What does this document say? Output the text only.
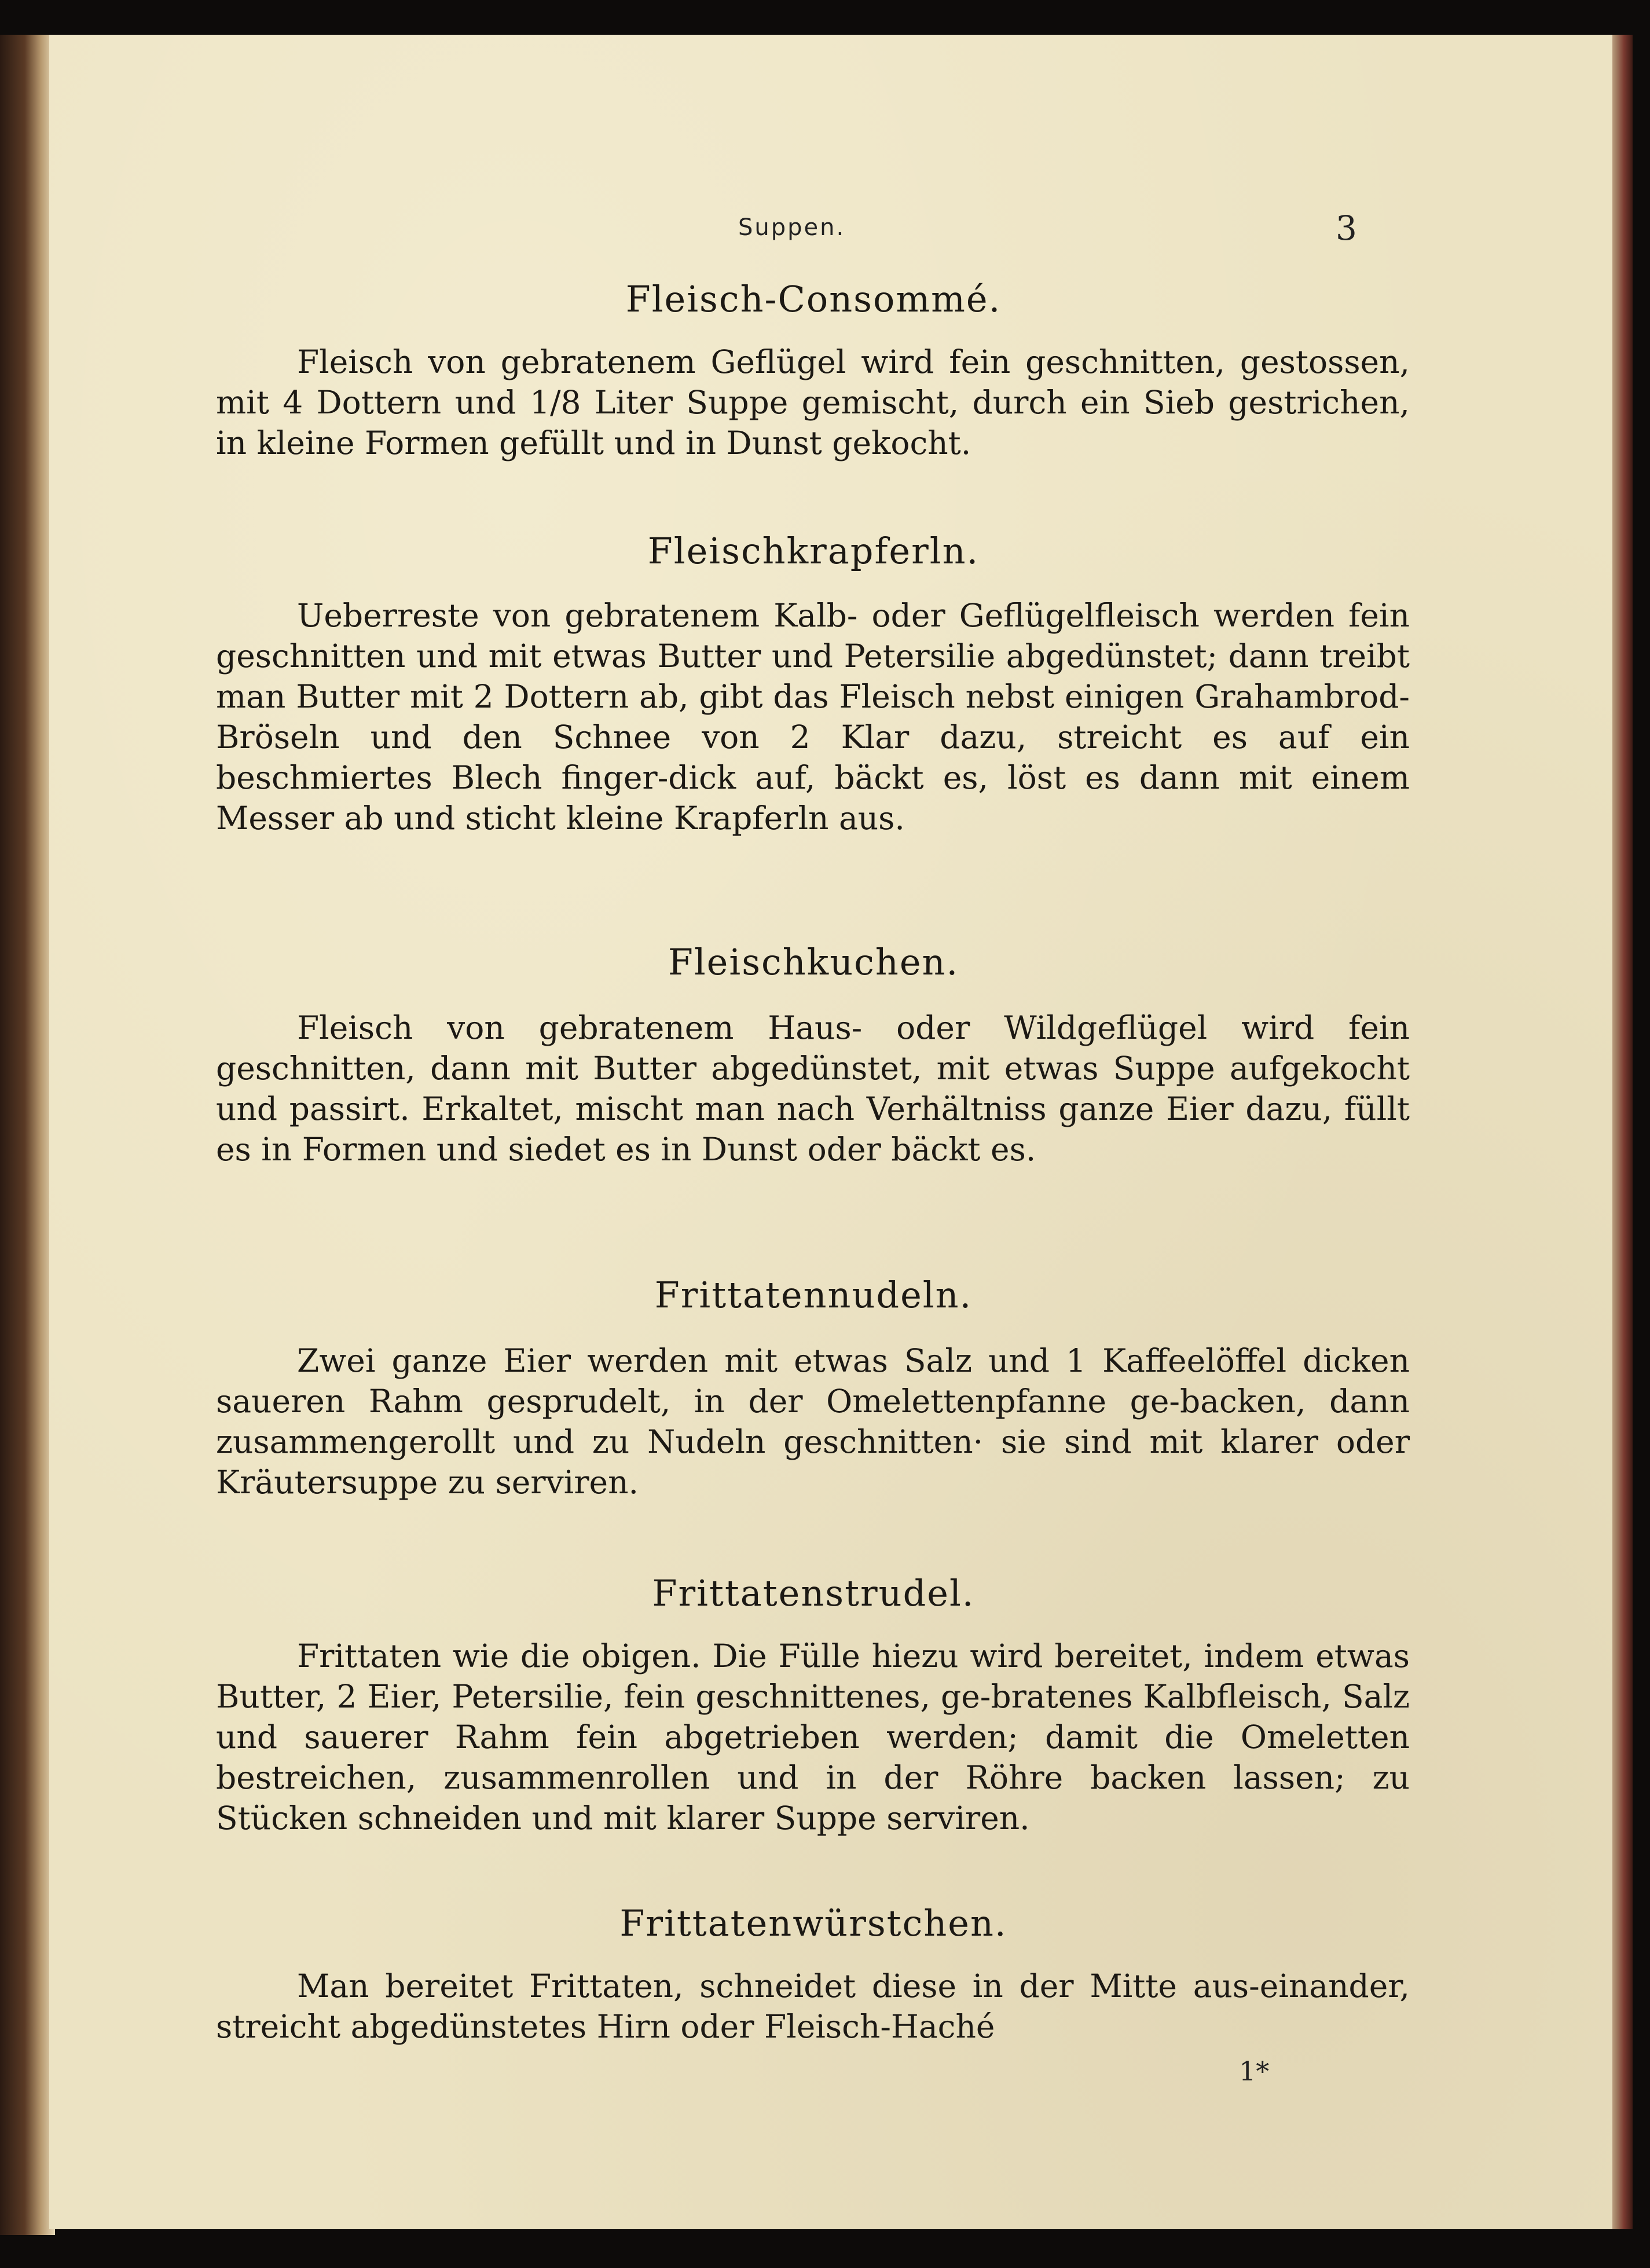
Suppen.	3
Fleisch-Consommé.

Fleisch von gebratenem Geflügel wird fein geschnitten, gestossen, mit 4 Dottern und 1/8 Liter Suppe gemischt, durch ein Sieb gestrichen, in kleine Formen gefüllt und in Dunst gekocht.

Fleischkrapferln.

Ueberreste von gebratenem Kalb- oder Geflügelfleisch werden fein geschnitten und mit etwas Butter und Petersilie abgedünstet; dann treibt man Butter mit 2 Dottern ab, gibt das Fleisch nebst einigen Grahambrod-Bröseln und den Schnee von 2 Klar dazu, streicht es auf ein beschmiertes Blech finger-dick auf, bäckt es, löst es dann mit einem Messer ab und sticht kleine Krapferln aus.

Fleischkuchen.

Fleisch von gebratenem Haus- oder Wildgeflügel wird fein geschnitten, dann mit Butter abgedünstet, mit etwas Suppe aufgekocht und passirt. Erkaltet, mischt man nach Verhältniss ganze Eier dazu, füllt es in Formen und siedet es in Dunst oder bäckt es.

Frittatennudeln.

Zwei ganze Eier werden mit etwas Salz und 1 Kaffeelöffel dicken saueren Rahm gesprudelt, in der Omelettenpfanne ge-backen, dann zusammengerollt und zu Nudeln geschnitten· sie sind mit klarer oder Kräutersuppe zu serviren.

Frittatenstrudel.

Frittaten wie die obigen. Die Fülle hiezu wird bereitet, indem etwas Butter, 2 Eier, Petersilie, fein geschnittenes, ge-bratenes Kalbfleisch, Salz und sauerer Rahm fein abgetrieben werden; damit die Omeletten bestreichen, zusammenrollen und in der Röhre backen lassen; zu Stücken schneiden und mit klarer Suppe serviren.

Frittatenwürstchen.

Man bereitet Frittaten, schneidet diese in der Mitte aus-einander, streicht abgedünstetes Hirn oder Fleisch-Haché

1*
